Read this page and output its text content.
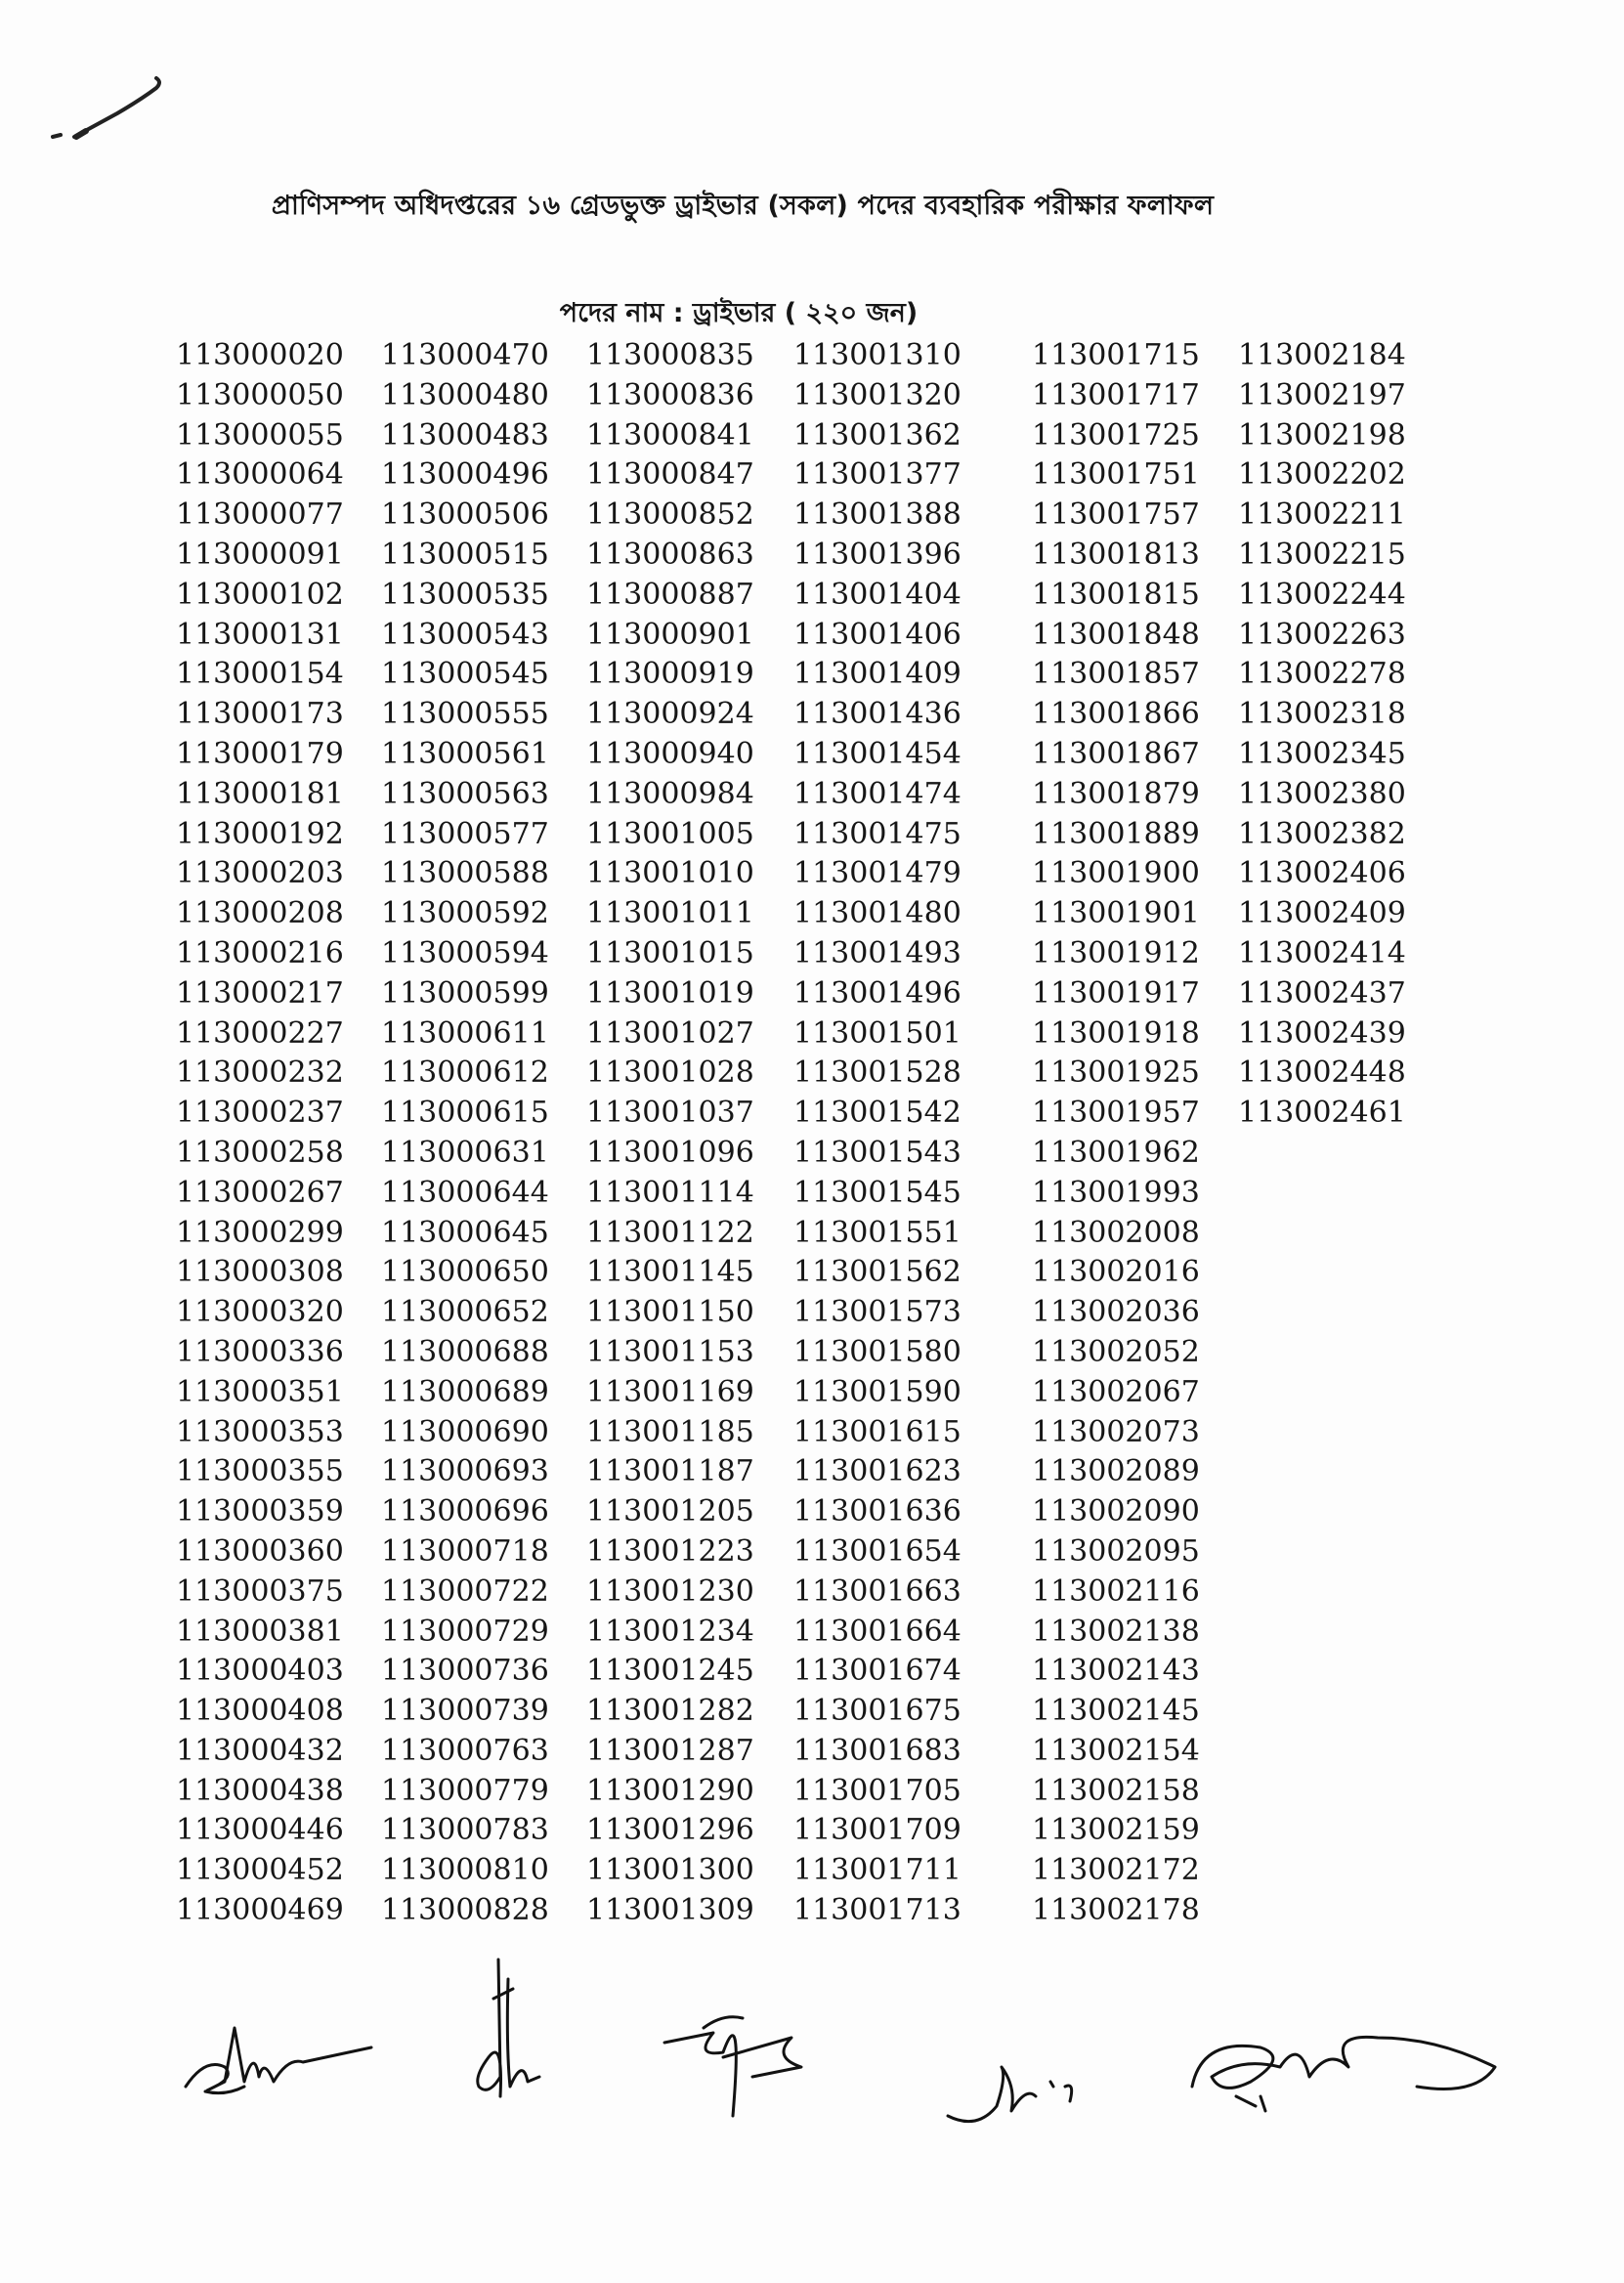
প্রাণিসম্পদ অধিদপ্তরের ১৬ গ্রেডভুক্ত ড্রাইভার (সকল) পদের ব্যবহারিক পরীক্ষার ফলাফল
পদের নাম : ড্রাইভার ( ২২০ জন)
113000020
113000050
113000055
113000064
113000077
113000091
113000102
113000131
113000154
113000173
113000179
113000181
113000192
113000203
113000208
113000216
113000217
113000227
113000232
113000237
113000258
113000267
113000299
113000308
113000320
113000336
113000351
113000353
113000355
113000359
113000360
113000375
113000381
113000403
113000408
113000432
113000438
113000446
113000452
113000469
113000470
113000480
113000483
113000496
113000506
113000515
113000535
113000543
113000545
113000555
113000561
113000563
113000577
113000588
113000592
113000594
113000599
113000611
113000612
113000615
113000631
113000644
113000645
113000650
113000652
113000688
113000689
113000690
113000693
113000696
113000718
113000722
113000729
113000736
113000739
113000763
113000779
113000783
113000810
113000828
113000835
113000836
113000841
113000847
113000852
113000863
113000887
113000901
113000919
113000924
113000940
113000984
113001005
113001010
113001011
113001015
113001019
113001027
113001028
113001037
113001096
113001114
113001122
113001145
113001150
113001153
113001169
113001185
113001187
113001205
113001223
113001230
113001234
113001245
113001282
113001287
113001290
113001296
113001300
113001309
113001310
113001320
113001362
113001377
113001388
113001396
113001404
113001406
113001409
113001436
113001454
113001474
113001475
113001479
113001480
113001493
113001496
113001501
113001528
113001542
113001543
113001545
113001551
113001562
113001573
113001580
113001590
113001615
113001623
113001636
113001654
113001663
113001664
113001674
113001675
113001683
113001705
113001709
113001711
113001713
113001715
113001717
113001725
113001751
113001757
113001813
113001815
113001848
113001857
113001866
113001867
113001879
113001889
113001900
113001901
113001912
113001917
113001918
113001925
113001957
113001962
113001993
113002008
113002016
113002036
113002052
113002067
113002073
113002089
113002090
113002095
113002116
113002138
113002143
113002145
113002154
113002158
113002159
113002172
113002178
113002184
113002197
113002198
113002202
113002211
113002215
113002244
113002263
113002278
113002318
113002345
113002380
113002382
113002406
113002409
113002414
113002437
113002439
113002448
113002461
